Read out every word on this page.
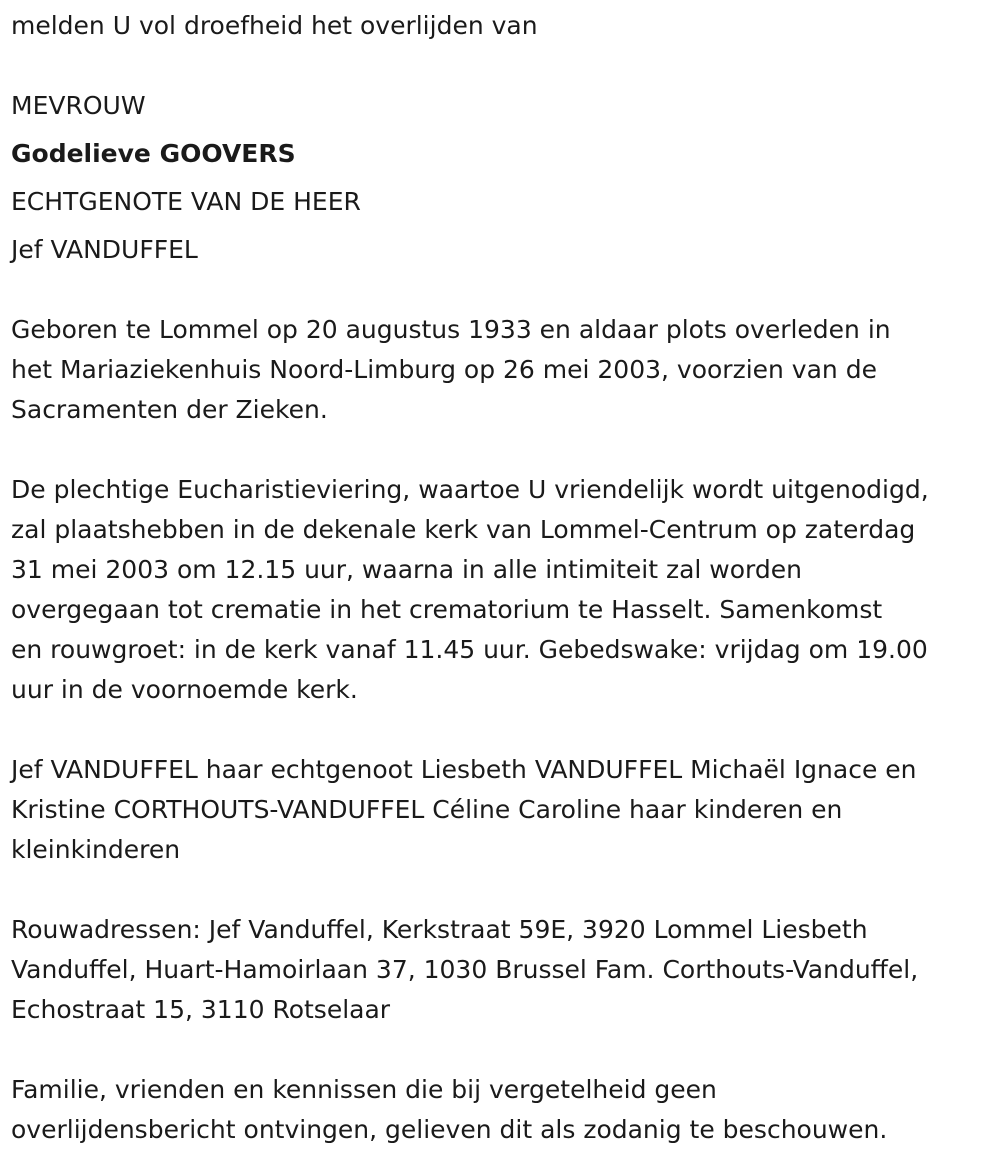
melden U vol droefheid het overlijden van
MEVROUW
Godelieve GOOVERS
ECHTGENOTE VAN DE HEER
Jef VANDUFFEL
Geboren te Lommel op 20 augustus 1933 en aldaar plots overleden in
het Mariaziekenhuis Noord-Limburg op 26 mei 2003, voorzien van de
Sacramenten der Zieken.
De plechtige Eucharistieviering, waartoe U vriendelijk wordt uitgenodigd,
zal plaatshebben in de dekenale kerk van Lommel-Centrum op zaterdag
31 mei 2003 om 12.15 uur, waarna in alle intimiteit zal worden
overgegaan tot crematie in het crematorium te Hasselt. Samenkomst
en rouwgroet: in de kerk vanaf 11.45 uur. Gebedswake: vrijdag om 19.00
uur in de voornoemde kerk.
Jef VANDUFFEL haar echtgenoot Liesbeth VANDUFFEL Michaël Ignace en
Kristine CORTHOUTS-VANDUFFEL Céline Caroline haar kinderen en
kleinkinderen
Rouwadressen: Jef Vanduffel, Kerkstraat 59E, 3920 Lommel Liesbeth
Vanduffel, Huart-Hamoirlaan 37, 1030 Brussel Fam. Corthouts-Vanduffel,
Echostraat 15, 3110 Rotselaar
Familie, vrienden en kennissen die bij vergetelheid geen
overlijdensbericht ontvingen, gelieven dit als zodanig te beschouwen.
